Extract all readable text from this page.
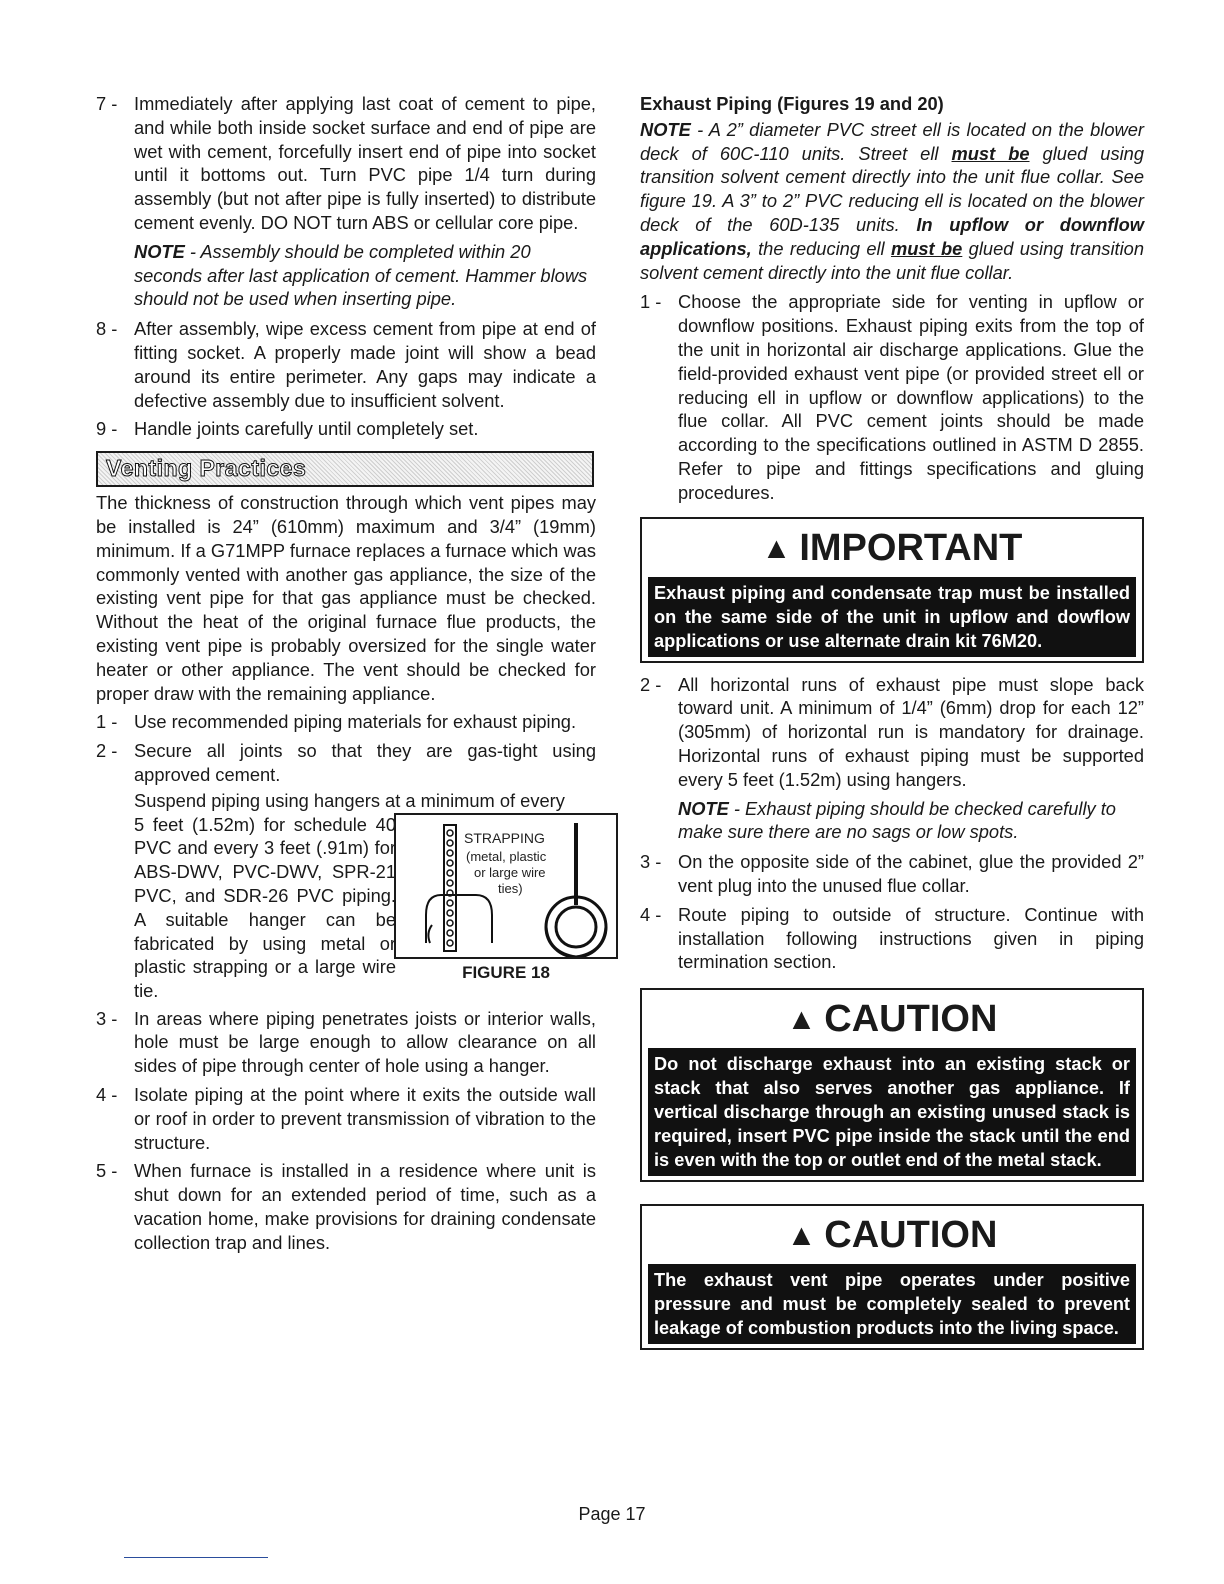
7 - Immediately after applying last coat of cement to pipe, and while both inside socket surface and end of pipe are wet with cement, forcefully insert end of pipe into socket until it bottoms out. Turn PVC pipe 1/4 turn during assembly (but not after pipe is fully inserted) to distribute cement evenly. DO NOT turn ABS or cellular core pipe.
NOTE - Assembly should be completed within 20 seconds after last application of cement. Hammer blows should not be used when inserting pipe.
8 - After assembly, wipe excess cement from pipe at end of fitting socket. A properly made joint will show a bead around its entire perimeter. Any gaps may indicate a defective assembly due to insufficient solvent.
9 - Handle joints carefully until completely set.
Venting Practices

The thickness of construction through which vent pipes may be installed is 24” (610mm) maximum and 3/4” (19mm) minimum. If a G71MPP furnace replaces a furnace which was commonly vented with another gas appliance, the size of the existing vent pipe for that gas appliance must be checked. Without the heat of the original furnace flue products, the existing vent pipe is probably oversized for the single water heater or other appliance. The vent should be checked for proper draw with the remaining appliance.

1 - Use recommended piping materials for exhaust piping.
2 - Secure all joints so that they are gas-tight using approved cement.

Suspend piping using hangers at a minimum of every

5 feet (1.52m) for schedule 40 PVC and every 3 feet (.91m) for ABS-DWV, PVC-DWV, SPR-21 PVC, and SDR-26 PVC piping. A suitable hanger can be fabricated by using metal or plastic strapping or a large wire tie.

STRAPPING
(metal, plastic
or large wire
ties)
FIGURE 18
3 - In areas where piping penetrates joists or interior walls, hole must be large enough to allow clearance on all sides of pipe through center of hole using a hanger.
4 - Isolate piping at the point where it exits the outside wall or roof in order to prevent transmission of vibration to the structure.
5 - When furnace is installed in a residence where unit is shut down for an extended period of time, such as a vacation home, make provisions for draining condensate collection trap and lines.
Exhaust Piping (Figures 19 and 20)
NOTE - A 2” diameter PVC street ell is located on the blower deck of 60C-110 units. Street ell must be glued using transition solvent cement directly into the unit flue collar. See figure 19. A 3” to 2” PVC reducing ell is located on the blower deck of the 60D-135 units. In upflow or downflow applications, the reducing ell must be glued using transition solvent cement directly into the unit flue collar.
1 - Choose the appropriate side for venting in upflow or downflow positions. Exhaust piping exits from the top of the unit in horizontal air discharge applications. Glue the field-provided exhaust vent pipe (or provided street ell or reducing ell in upflow or downflow applications) to the flue collar. All PVC cement joints should be made according to the specifications outlined in ASTM D 2855. Refer to pipe and fittings specifications and gluing procedures.
▲ IMPORTANT
Exhaust piping and condensate trap must be installed on the same side of the unit in upflow and dowflow applications or use alternate drain kit 76M20.
2 - All horizontal runs of exhaust pipe must slope back toward unit. A minimum of 1/4” (6mm) drop for each 12” (305mm) of horizontal run is mandatory for drainage. Horizontal runs of exhaust piping must be supported every 5 feet (1.52m) using hangers.
NOTE - Exhaust piping should be checked carefully to make sure there are no sags or low spots.
3 - On the opposite side of the cabinet, glue the provided 2” vent plug into the unused flue collar.
4 - Route piping to outside of structure. Continue with installation following instructions given in piping termination section.
▲ CAUTION
Do not discharge exhaust into an existing stack or stack that also serves another gas appliance. If vertical discharge through an existing unused stack is required, insert PVC pipe inside the stack until the end is even with the top or outlet end of the metal stack.
▲ CAUTION
The exhaust vent pipe operates under positive pressure and must be completely sealed to prevent leakage of combustion products into the living space.
Page 17
